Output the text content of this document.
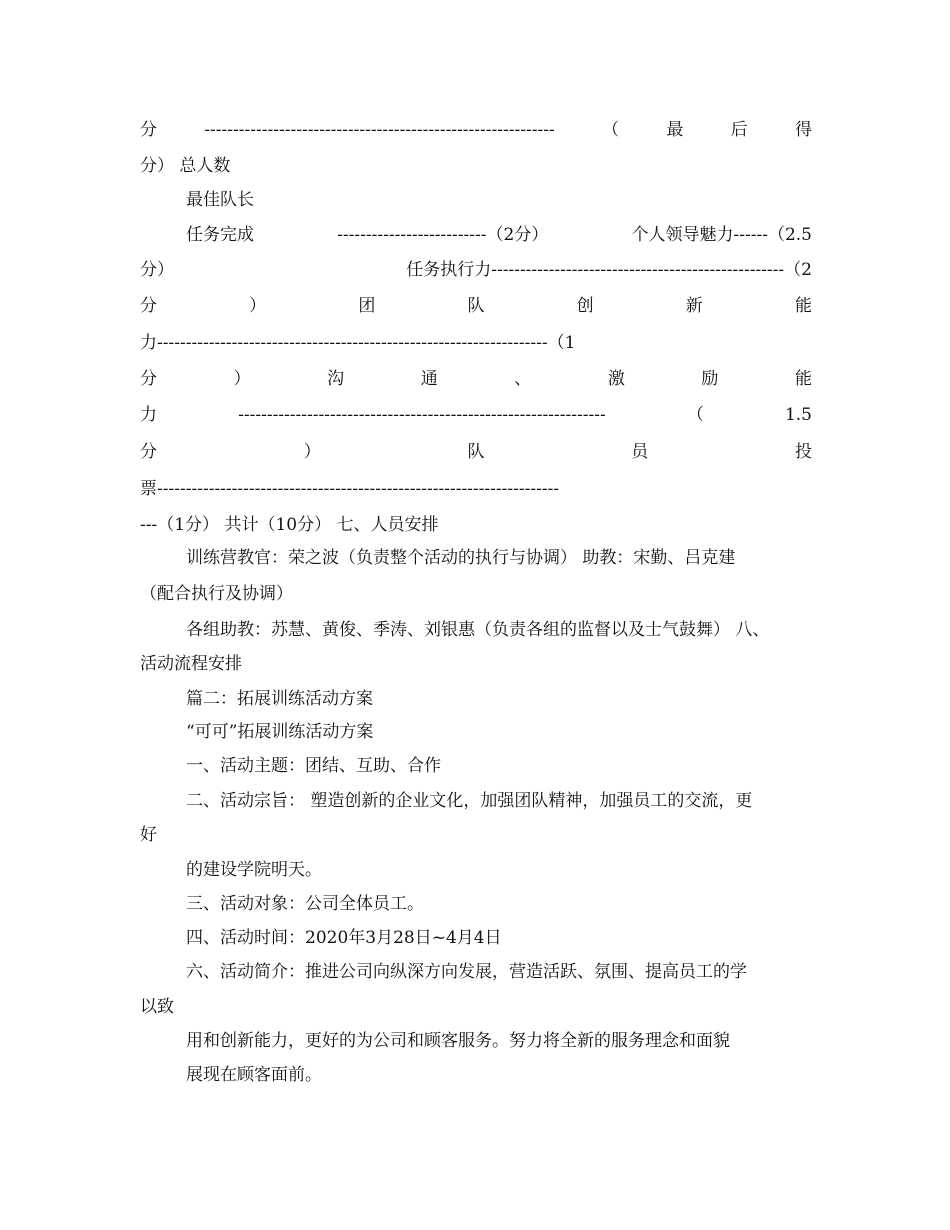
分	-------------------------------------------------------------	（	最	后	得
分） 总人数
最佳队长
任务完成	--------------------------（2分）	个人领导魅力------（2.5
分）	任务执行力---------------------------------------------------（2
分	）	团	队	创	新	能
力--------------------------------------------------------------------（1
分	）	沟	通	、	激	励	能
力	----------------------------------------------------------------	（	1.5
分	）	队	员	投
票----------------------------------------------------------------------
---（1分） 共计（10分） 七、人员安排
训练营教官：荣之波（负责整个活动的执行与协调） 助教：宋勤、吕克建
（配合执行及协调）
各组助教：苏慧、黄俊、季涛、刘银惠（负责各组的监督以及士气鼓舞） 八、
活动流程安排
篇二：拓展训练活动方案
“可可”拓展训练活动方案
一、活动主题：团结、互助、合作
二、活动宗旨： 塑造创新的企业文化，加强团队精神，加强员工的交流，更
好
的建设学院明天。
三、活动对象：公司全体员工。
四、活动时间：2020年3月28日~4月4日
六、活动简介：推进公司向纵深方向发展，营造活跃、氛围、提高员工的学
以致
用和创新能力，更好的为公司和顾客服务。努力将全新的服务理念和面貌
展现在顾客面前。
